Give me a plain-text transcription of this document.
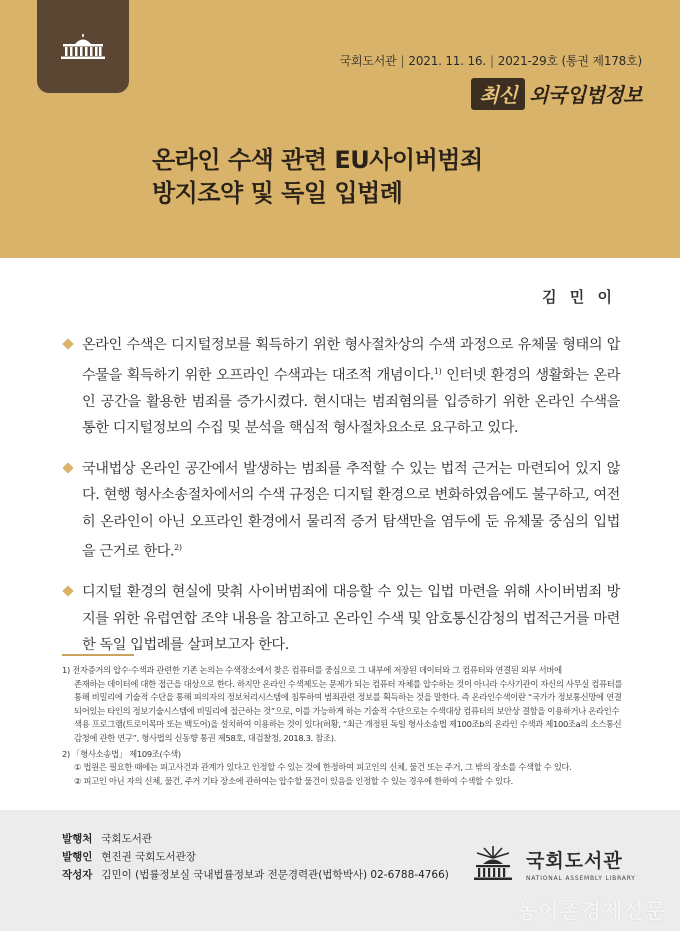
국회도서관 | 2021. 11. 16. | 2021-29호 (통권 제178호)
최신 외국입법정보
온라인 수색 관련 EU사이버범죄
방지조약 및 독일 입법례
김 민 이
온라인 수색은 디지털정보를 획득하기 위한 형사절차상의 수색 과정으로 유체물 형태의 압수물을 획득하기 위한 오프라인 수색과는 대조적 개념이다.$^{1)}$ 인터넷 환경의 생활화는 온라인 공간을 활용한 범죄를 증가시켰다. 현시대는 범죄혐의를 입증하기 위한 온라인 수색을 통한 디지털정보의 수집 및 분석을 핵심적 형사절차요소로 요구하고 있다.
국내법상 온라인 공간에서 발생하는 범죄를 추적할 수 있는 법적 근거는 마련되어 있지 않다. 현행 형사소송절차에서의 수색 규정은 디지털 환경으로 변화하였음에도 불구하고, 여전히 온라인이 아닌 오프라인 환경에서 물리적 증거 탐색만을 염두에 둔 유체물 중심의 입법을 근거로 한다.$^{2)}$
디지털 환경의 현실에 맞춰 사이버범죄에 대응할 수 있는 입법 마련을 위해 사이버범죄 방지를 위한 유럽연합 조약 내용을 참고하고 온라인 수색 및 암호통신감청의 법적근거를 마련한 독일 입법례를 살펴보고자 한다.
1) 전자증거의 압수·수색과 관련한 기존 논의는 수색장소에서 찾은 컴퓨터를 중심으로 그 내부에 저장된 데이터와 그 컴퓨터와 연결된 외부 서버에
존재하는 데이터에 대한 접근을 대상으로 한다. 하지만 온라인 수색제도는 문제가 되는 컴퓨터 자체를 압수하는 것이 아니라 수사기관이 자신의 사무실 컴퓨터를 통해 비밀리에 기술적 수단을 통해 피의자의 정보처리시스템에 침투하여 범죄관련 정보를 획득하는 것을 말한다. 즉 온라인수색이란 “국가가 정보통신망에 연결되어있는 타인의 정보기술시스템에 비밀리에 접근하는 것”으로, 이를 가능하게 하는 기술적 수단으로는 수색대상 컴퓨터의 보안상 결함을 이용하거나 온라인수색용 프로그램(트로이목마 또는 백도어)을 설치하여 이용하는 것이 있다(허황, “최근 개정된 독일 형사소송법 제100조b의 온라인 수색과 제100조a의 소스통신감청에 관한 연구”, 형사법의 신동향 통권 제58호, 대검찰청, 2018.3. 참조).
2) 「형사소송법」 제109조(수색)
① 법원은 필요한 때에는 피고사건과 관계가 있다고 인정할 수 있는 것에 한정하여 피고인의 신체, 물건 또는 주거, 그 밖의 장소를 수색할 수 있다.
② 피고인 아닌 자의 신체, 물건, 주거 기타 장소에 관하여는 압수할 물건이 있음을 인정할 수 있는 경우에 한하여 수색할 수 있다.
발행처 국회도서관
발행인 현진권 국회도서관장
작성자 김민이 (법률정보실 국내법률정보과 전문경력관(법학박사) 02-6788-4766)
국회도서관
NATIONAL ASSEMBLY LIBRARY
농어촌경제신문
